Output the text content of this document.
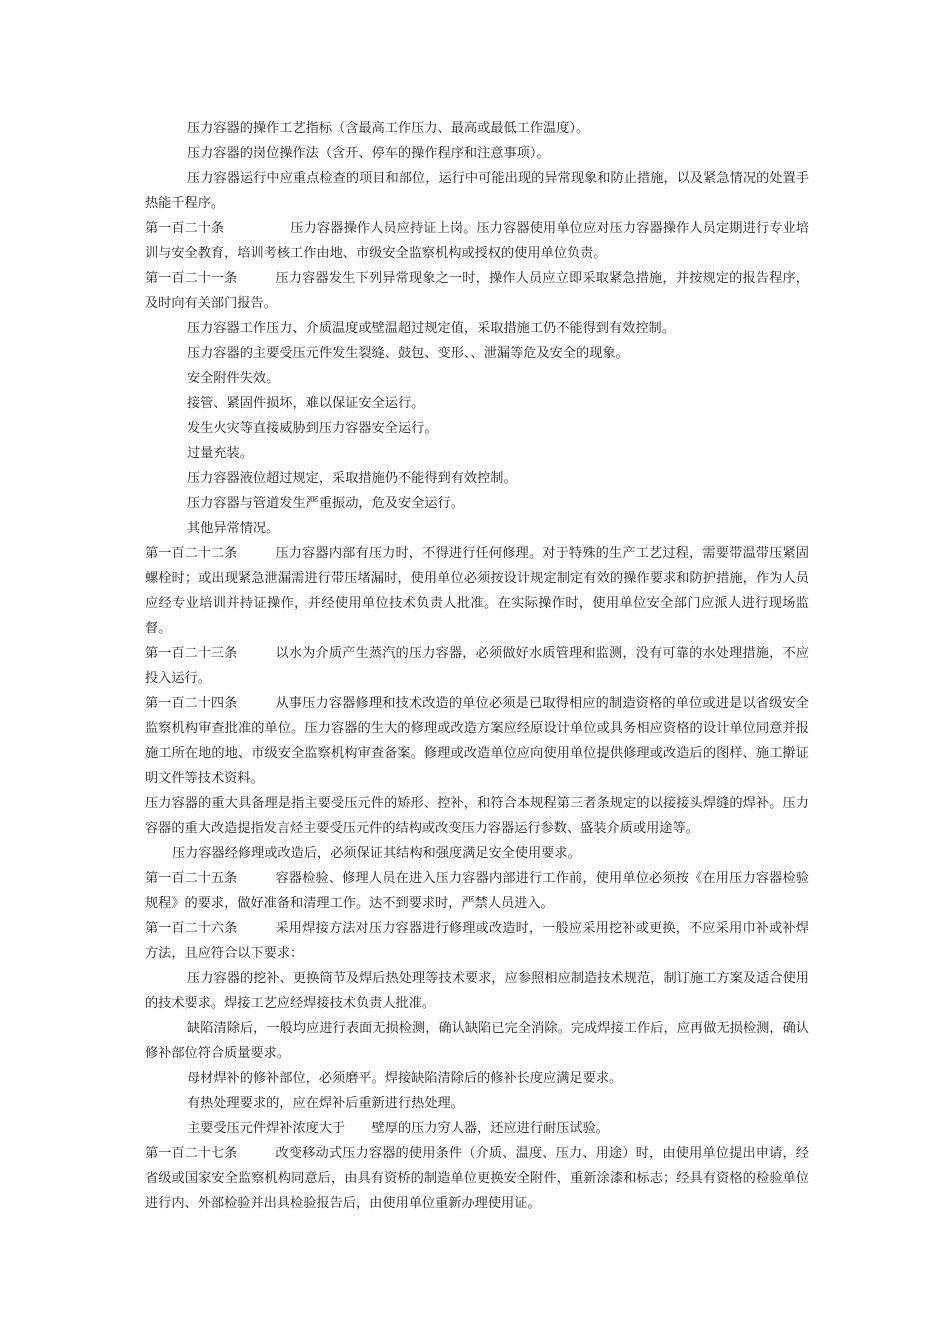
压力容器的操作工艺指标（含最高工作压力、最高或最低工作温度）。

压力容器的岗位操作法（含开、停车的操作程序和注意事项）。

压力容器运行中应重点检查的项目和部位，运行中可能出现的异常现象和防止措施，以及紧急情况的处置手热能千程序。

第一百二十条	压力容器操作人员应持证上岗。压力容器使用单位应对压力容器操作人员定期进行专业培训与安全教育，培训考核工作由地、市级安全监察机构或授权的使用单位负责。

第一百二十一条	压力容器发生下列异常现象之一时，操作人员应立即采取紧急措施，并按规定的报告程序，及时向有关部门报告。

压力容器工作压力、介质温度或壁温超过规定值，采取措施工仍不能得到有效控制。

压力容器的主要受压元件发生裂缝、鼓包、变形、、泄漏等危及安全的现象。

安全附件失效。

接管、紧固件损坏，难以保证安全运行。

发生火灾等直接威胁到压力容器安全运行。

过量充装。

压力容器液位超过规定，采取措施仍不能得到有效控制。

压力容器与管道发生严重振动，危及安全运行。

其他异常情况。

第一百二十二条	压力容器内部有压力时，不得进行任何修理。对于特殊的生产工艺过程，需要带温带压紧固螺栓时；或出现紧急泄漏需进行带压堵漏时，使用单位必须按设计规定制定有效的操作要求和防护措施，作为人员应经专业培训并持证操作，并经使用单位技术负责人批准。在实际操作时，使用单位安全部门应派人进行现场监督。

第一百二十三条	以水为介质产生蒸汽的压力容器，必须做好水质管理和监测，没有可靠的水处理措施，不应投入运行。

第一百二十四条	从事压力容器修理和技术改造的单位必须是已取得相应的制造资格的单位或进是以省级安全监察机构审查批准的单位。压力容器的生大的修理或改造方案应经原设计单位或具务相应资格的设计单位同意并报施工所在地的地、市级安全监察机构审查备案。修理或改造单位应向使用单位提供修理或改造后的图样、施工擀证明文件等技术资料。

压力容器的重大具备理是指主要受压元件的矫形、控补，和符合本规程第三者条规定的以接接头焊缝的焊补。压力容器的重大改造提指发言烃主要受压元件的结构或改变压力容器运行参数、盛装介质或用途等。

压力容器经修理或改造后，必须保证其结构和强度满足安全使用要求。

第一百二十五条	容器检验、修理人员在进入压力容器内部进行工作前，使用单位必须按《在用压力容器检验规程》的要求，做好准备和清理工作。达不到要求时，严禁人员进入。

第一百二十六条	采用焊接方法对压力容器进行修理或改造时，一般应采用挖补或更换，不应采用巾补或补焊方法，且应符合以下要求：

压力容器的挖补、更换筒节及焊后热处理等技术要求，应参照相应制造技术规范，制订施工方案及适合使用的技术要求。焊接工艺应经焊接技术负责人批准。

缺陷清除后，一般均应进行表面无损检测，确认缺陷已完全消除。完成焊接工作后，应再做无损检测，确认修补部位符合质量要求。

母材焊补的修补部位，必须磨平。焊接缺陷清除后的修补长度应满足要求。

有热处理要求的，应在焊补后重新进行热处理。

主要受压元件焊补浓度大于　　壁厚的压力穷人器，还应进行耐压试验。

第一百二十七条	改变移动式压力容器的使用条件（介质、温度、压力、用途）时，由使用单位提出申请，经省级或国家安全监察机构同意后，由具有资桥的制造单位更换安全附件，重新涂漆和标志；经具有资格的检验单位进行内、外部检验并出具检验报告后，由使用单位重新办理使用证。
